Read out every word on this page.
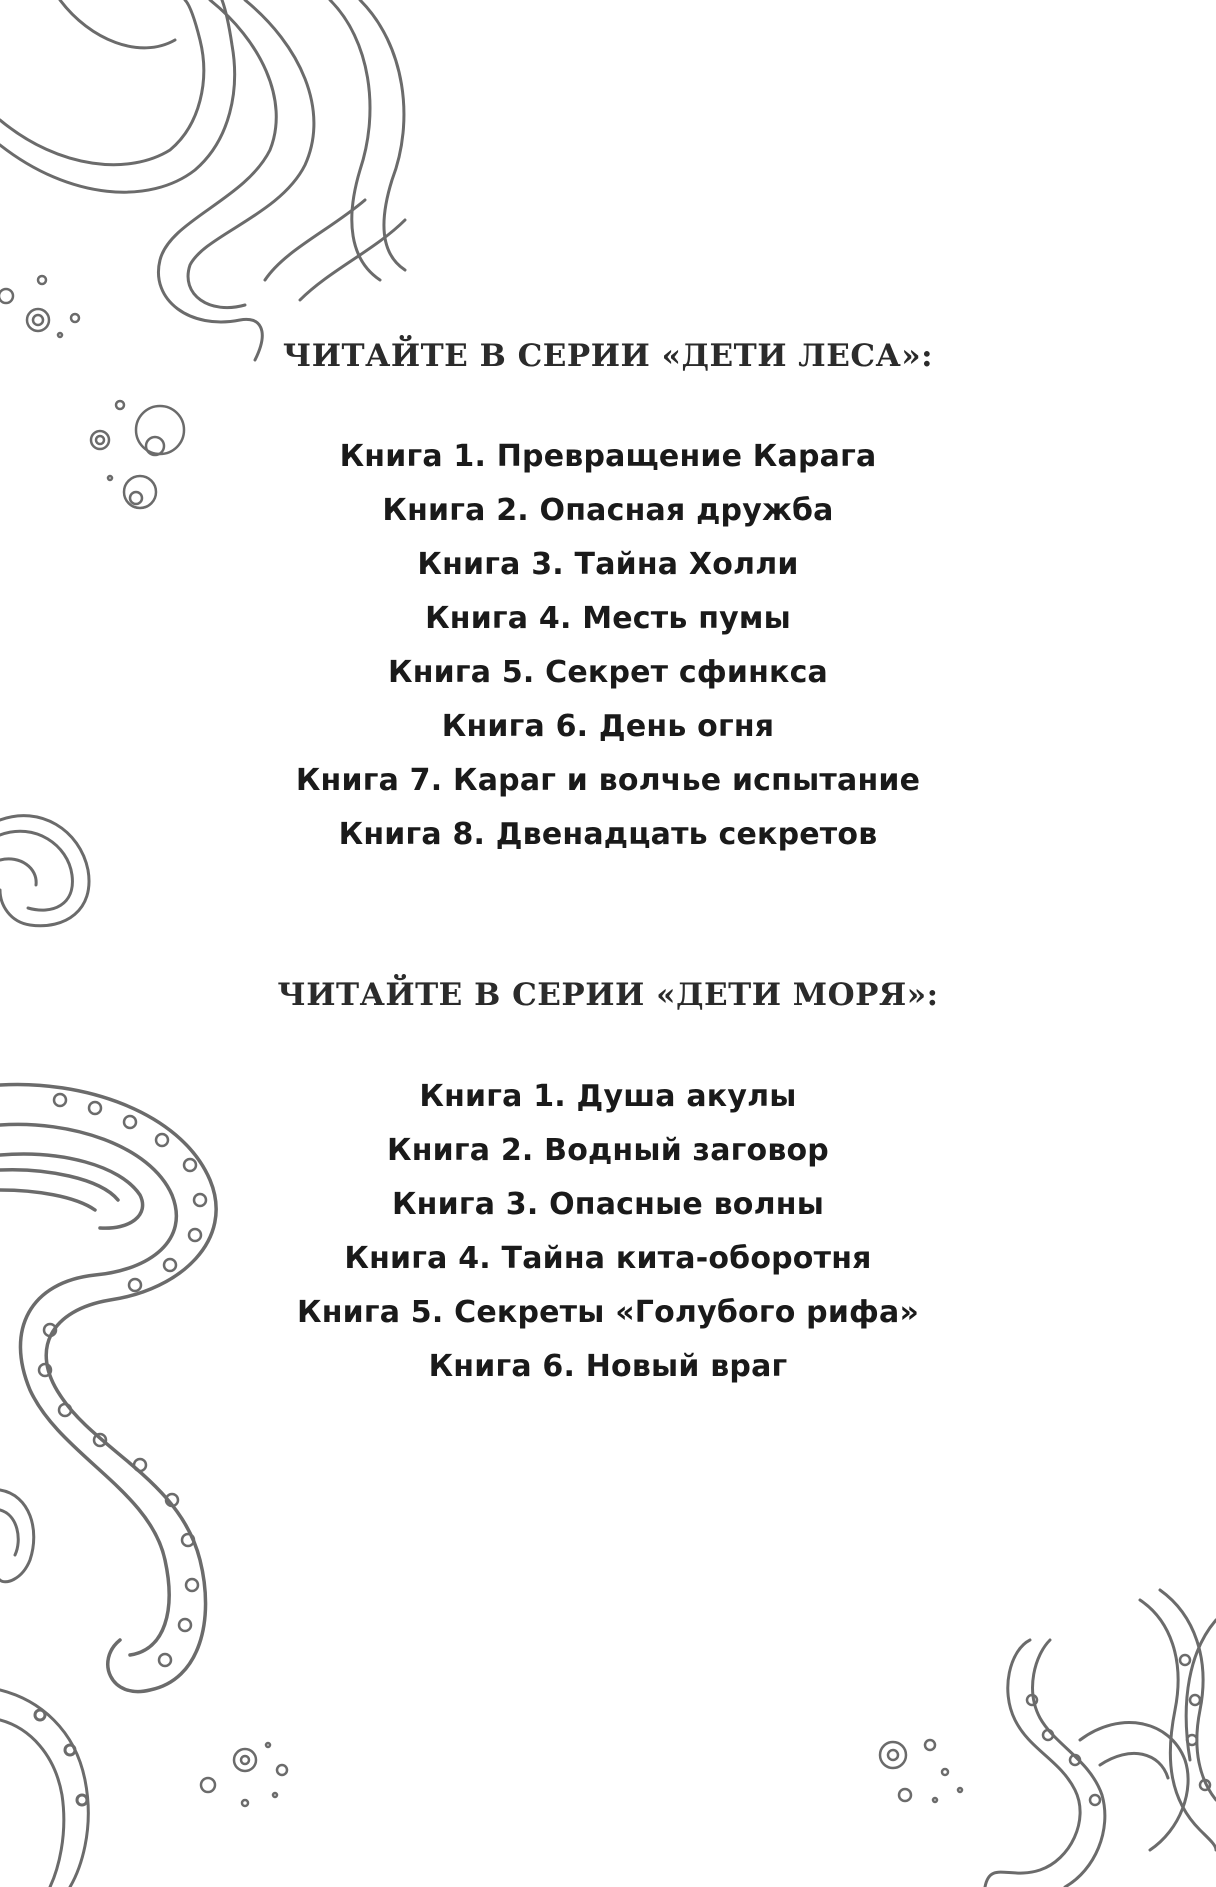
ЧИТАЙТЕ В СЕРИИ «ДЕТИ ЛЕСА»:
Книга 1. Превращение Карага
Книга 2. Опасная дружба
Книга 3. Тайна Холли
Книга 4. Месть пумы
Книга 5. Секрет сфинкса
Книга 6. День огня
Книга 7. Караг и волчье испытание
Книга 8. Двенадцать секретов
ЧИТАЙТЕ В СЕРИИ «ДЕТИ МОРЯ»:
Книга 1. Душа акулы
Книга 2. Водный заговор
Книга 3. Опасные волны
Книга 4. Тайна кита-оборотня
Книга 5. Секреты «Голубого рифа»
Книга 6. Новый враг
